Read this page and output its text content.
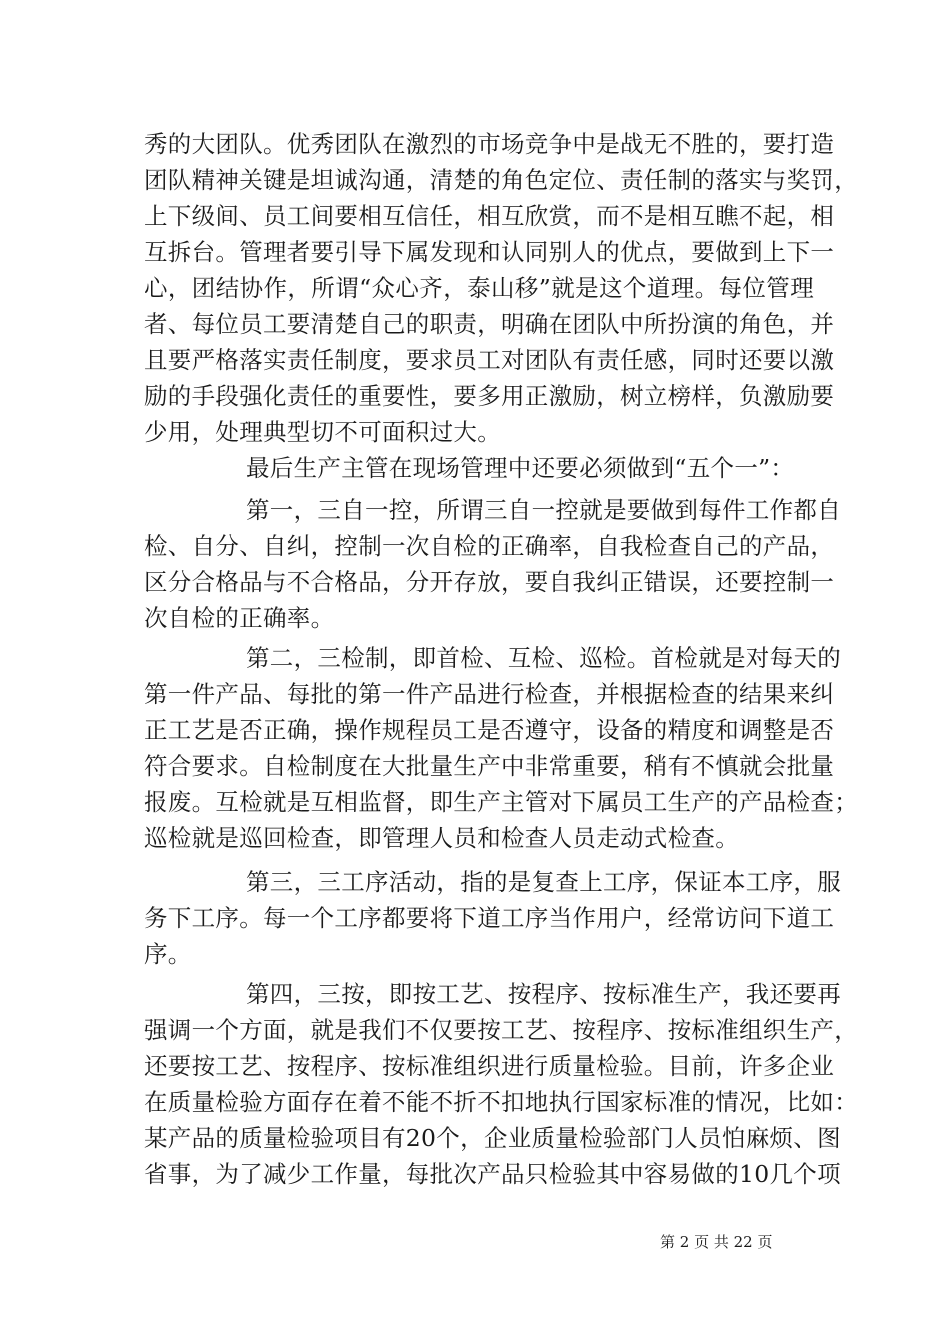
秀的大团队。优秀团队在激烈的市场竞争中是战无不胜的，要打造
团队精神关键是坦诚沟通，清楚的角色定位、责任制的落实与奖罚，
上下级间、员工间要相互信任，相互欣赏，而不是相互瞧不起，相
互拆台。管理者要引导下属发现和认同别人的优点，要做到上下一
心，团结协作，所谓“众心齐，泰山移”就是这个道理。每位管理
者、每位员工要清楚自己的职责，明确在团队中所扮演的角色，并
且要严格落实责任制度，要求员工对团队有责任感，同时还要以激
励的手段强化责任的重要性，要多用正激励，树立榜样，负激励要
少用，处理典型切不可面积过大。
最后生产主管在现场管理中还要必须做到“五个一”：
第一，三自一控，所谓三自一控就是要做到每件工作都自
检、自分、自纠，控制一次自检的正确率，自我检查自己的产品，
区分合格品与不合格品，分开存放，要自我纠正错误，还要控制一
次自检的正确率。
第二，三检制，即首检、互检、巡检。首检就是对每天的
第一件产品、每批的第一件产品进行检查，并根据检查的结果来纠
正工艺是否正确，操作规程员工是否遵守，设备的精度和调整是否
符合要求。自检制度在大批量生产中非常重要，稍有不慎就会批量
报废。互检就是互相监督，即生产主管对下属员工生产的产品检查；
巡检就是巡回检查，即管理人员和检查人员走动式检查。
第三，三工序活动，指的是复查上工序，保证本工序，服
务下工序。每一个工序都要将下道工序当作用户，经常访问下道工
序。
第四，三按，即按工艺、按程序、按标准生产，我还要再
强调一个方面，就是我们不仅要按工艺、按程序、按标准组织生产，
还要按工艺、按程序、按标准组织进行质量检验。目前，许多企业
在质量检验方面存在着不能不折不扣地执行国家标准的情况，比如：
某产品的质量检验项目有20个，企业质量检验部门人员怕麻烦、图
省事，为了减少工作量，每批次产品只检验其中容易做的10几个项
第 2 页 共 22 页
